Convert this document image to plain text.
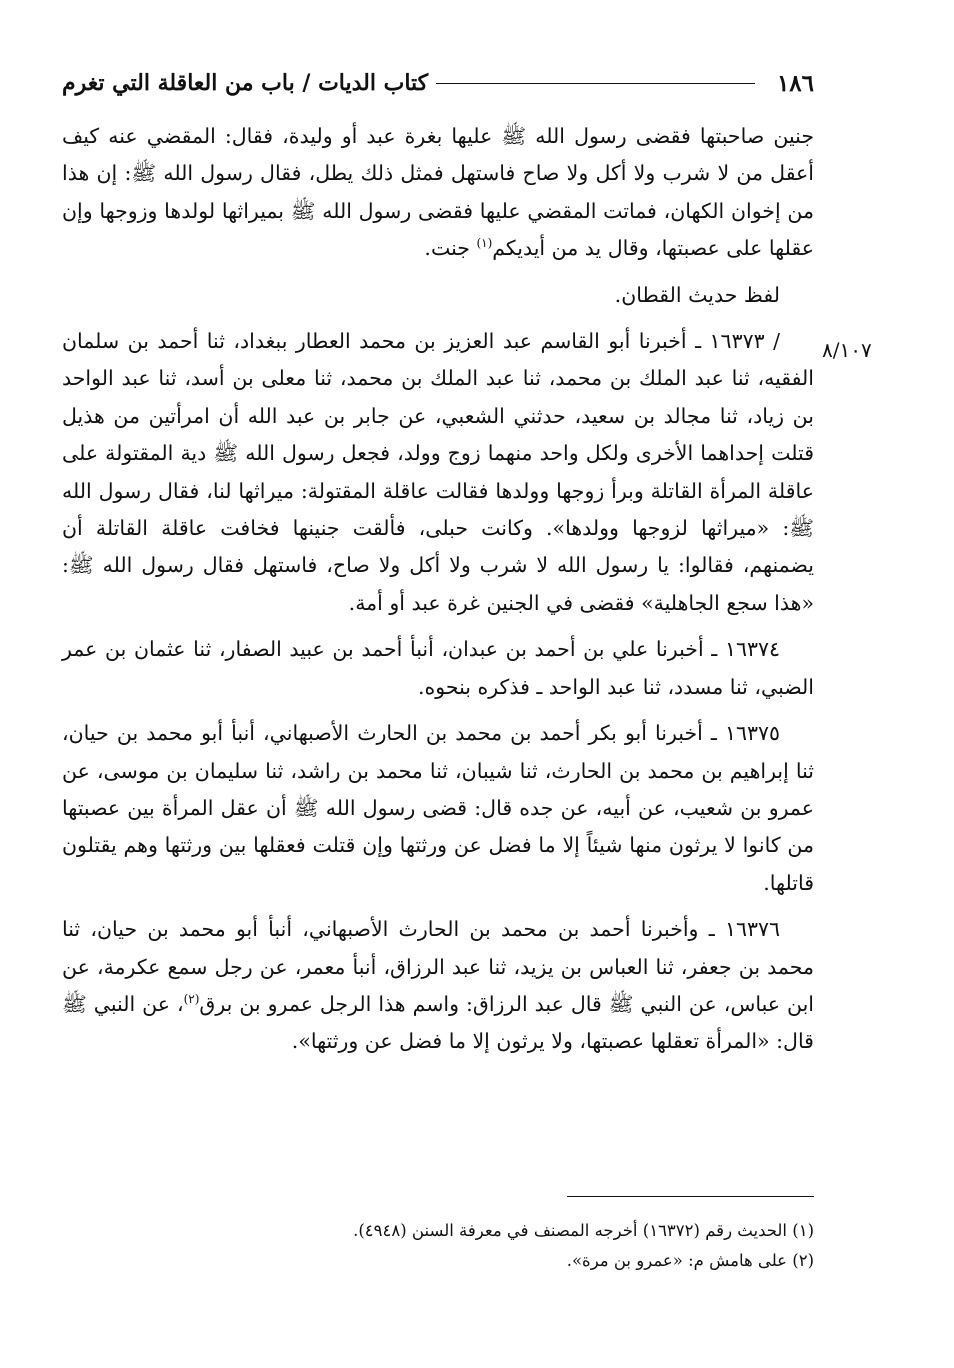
١٨٦
كتاب الديات / باب من العاقلة التي تغرم
٨/١٠٧

جنين صاحبتها فقضى رسول الله ﷺ عليها بغرة عبد أو وليدة، فقال: المقضي عنه كيف أعقل من لا شرب ولا أكل ولا صاح فاستهل فمثل ذلك يطل، فقال رسول الله ﷺ: إن هذا من إخوان الكهان، فماتت المقضي عليها فقضى رسول الله ﷺ بميراثها لولدها وزوجها وإن عقلها على عصبتها، وقال يد من أيديكم$^{(١)}$ جنت.

لفظ حديث القطان.

/ ١٦٣٧٣ ـ أخبرنا أبو القاسم عبد العزيز بن محمد العطار ببغداد، ثنا أحمد بن سلمان الفقيه، ثنا عبد الملك بن محمد، ثنا عبد الملك بن محمد، ثنا معلى بن أسد، ثنا عبد الواحد بن زياد، ثنا مجالد بن سعيد، حدثني الشعبي، عن جابر بن عبد الله أن امرأتين من هذيل قتلت إحداهما الأخرى ولكل واحد منهما زوج وولد، فجعل رسول الله ﷺ دية المقتولة على عاقلة المرأة القاتلة وبرأ زوجها وولدها فقالت عاقلة المقتولة: ميراثها لنا، فقال رسول الله ﷺ: «ميراثها لزوجها وولدها». وكانت حبلى، فألقت جنينها فخافت عاقلة القاتلة أن يضمنهم، فقالوا: يا رسول الله لا شرب ولا أكل ولا صاح، فاستهل فقال رسول الله ﷺ: «هذا سجع الجاهلية» فقضى في الجنين غرة عبد أو أمة.

١٦٣٧٤ ـ أخبرنا علي بن أحمد بن عبدان، أنبأ أحمد بن عبيد الصفار، ثنا عثمان بن عمر الضبي، ثنا مسدد، ثنا عبد الواحد ـ فذكره بنحوه.

١٦٣٧٥ ـ أخبرنا أبو بكر أحمد بن محمد بن الحارث الأصبهاني، أنبأ أبو محمد بن حيان، ثنا إبراهيم بن محمد بن الحارث، ثنا شيبان، ثنا محمد بن راشد، ثنا سليمان بن موسى، عن عمرو بن شعيب، عن أبيه، عن جده قال: قضى رسول الله ﷺ أن عقل المرأة بين عصبتها من كانوا لا يرثون منها شيئاً إلا ما فضل عن ورثتها وإن قتلت فعقلها بين ورثتها وهم يقتلون قاتلها.

١٦٣٧٦ ـ وأخبرنا أحمد بن محمد بن الحارث الأصبهاني، أنبأ أبو محمد بن حيان، ثنا محمد بن جعفر، ثنا العباس بن يزيد، ثنا عبد الرزاق، أنبأ معمر، عن رجل سمع عكرمة، عن ابن عباس، عن النبي ﷺ قال عبد الرزاق: واسم هذا الرجل عمرو بن برق$^{(٢)}$، عن النبي ﷺ قال: «المرأة تعقلها عصبتها، ولا يرثون إلا ما فضل عن ورثتها».

(١) الحديث رقم (١٦٣٧٢) أخرجه المصنف في معرفة السنن (٤٩٤٨).

(٢) على هامش م: «عمرو بن مرة».
